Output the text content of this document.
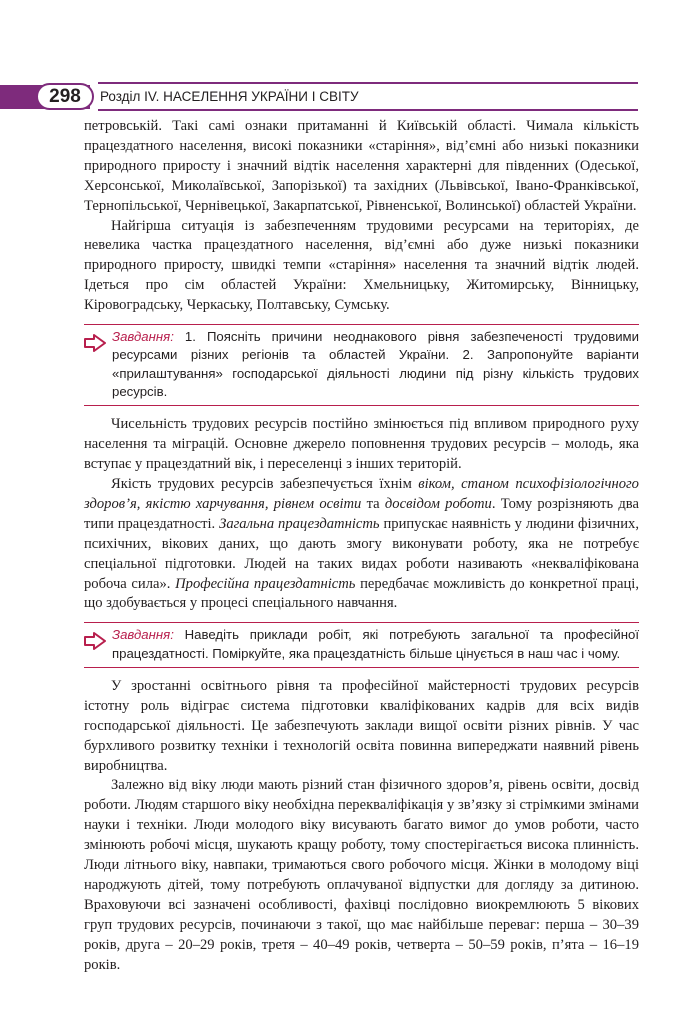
298	Розділ IV. НАСЕЛЕННЯ УКРАЇНИ І СВІТУ

петровській. Такі самі ознаки притаманні й Київській області. Чимала кількість працездатного населення, високі показники «старіння», від’ємні або низькі показники природного приросту і значний відтік населення характерні для південних (Одеської, Херсонської, Миколаївської, Запорізької) та західних (Львівської, Івано-Франківської, Тернопільської, Чернівецької, Закарпатської, Рівненської, Волинської) областей України.

Найгірша ситуація із забезпеченням трудовими ресурсами на територіях, де невелика частка працездатного населення, від’ємні або дуже низькі показники природного приросту, швидкі темпи «старіння» населення та значний відтік людей. Ідеться про сім областей України: Хмельницьку, Житомирську, Вінницьку, Кіровоградську, Черкаську, Полтавську, Сумську.

Завдання: 1. Поясніть причини неоднакового рівня забезпеченості трудовими ресурсами різних регіонів та областей України. 2. Запропонуйте варіанти «прилаштування» господарської діяльності людини під різну кількість трудових ресурсів.

Чисельність трудових ресурсів постійно змінюється під впливом природного руху населення та міграцій. Основне джерело поповнення трудових ресурсів – молодь, яка вступає у працездатний вік, і переселенці з інших територій.

Якість трудових ресурсів забезпечується їхнім віком, станом психофізіологічного здоров’я, якістю харчування, рівнем освіти та досвідом роботи. Тому розрізняють два типи працездатності. Загальна працездатність припускає наявність у людини фізичних, психічних, вікових даних, що дають змогу виконувати роботу, яка не потребує спеціальної підготовки. Людей на таких видах роботи називають «некваліфікована робоча сила». Професійна працездатність передбачає можливість до конкретної праці, що здобувається у процесі спеціального навчання.

Завдання: Наведіть приклади робіт, які потребують загальної та професійної працездатності. Поміркуйте, яка працездатність більше цінується в наш час і чому.

У зростанні освітнього рівня та професійної майстерності трудових ресурсів істотну роль відіграє система підготовки кваліфікованих кадрів для всіх видів господарської діяльності. Це забезпечують заклади вищої освіти різних рівнів. У час бурхливого розвитку техніки і технологій освіта повинна випереджати наявний рівень виробництва.

Залежно від віку люди мають різний стан фізичного здоров’я, рівень освіти, досвід роботи. Людям старшого віку необхідна перекваліфікація у зв’язку зі стрімкими змінами науки і техніки. Люди молодого віку висувають багато вимог до умов роботи, часто змінюють робочі місця, шукають кращу роботу, тому спостерігається висока плинність. Люди літнього віку, навпаки, тримаються свого робочого місця. Жінки в молодому віці народжують дітей, тому потребують оплачуваної відпустки для догляду за дитиною. Враховуючи всі зазначені особливості, фахівці послідовно виокремлюють 5 вікових груп трудових ресурсів, починаючи з такої, що має найбільше переваг: перша – 30–39 років, друга – 20–29 років, третя – 40–49 років, четверта – 50–59 років, п’ята – 16–19 років.
